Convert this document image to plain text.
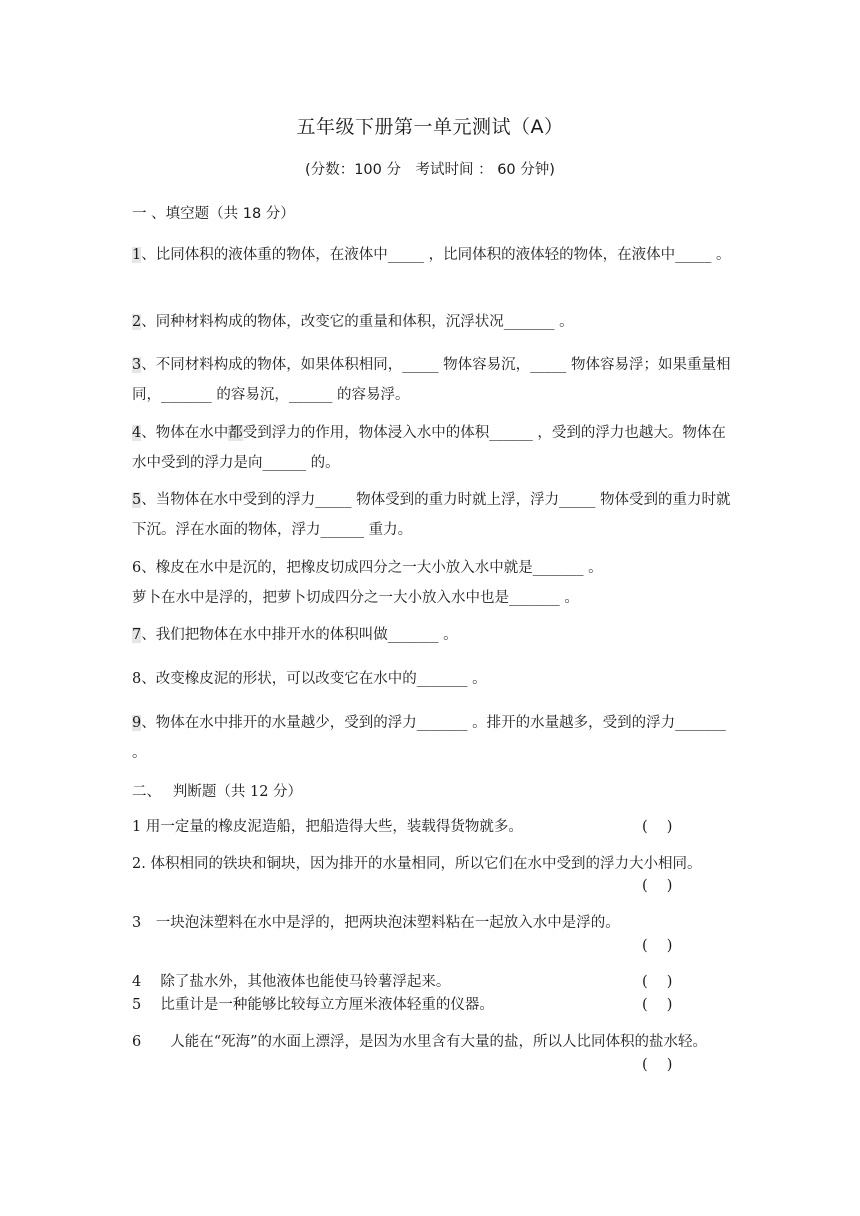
五年级下册第一单元测试（A）
(分数：100 分　考试时间 ： 60 分钟)
一 、填空题（共 18 分）
1、比同体积的液体重的物体，在液体中_____ ，比同体积的液体轻的物体，在液体中_____ 。
2、同种材料构成的物体，改变它的重量和体积，沉浮状况_______ 。
3、不同材料构成的物体，如果体积相同，_____ 物体容易沉，_____ 物体容易浮；如果重量相同，_______ 的容易沉，______ 的容易浮。
4、物体在水中都受到浮力的作用，物体浸入水中的体积______ ，受到的浮力也越大。物体在水中受到的浮力是向______ 的。
5、当物体在水中受到的浮力_____ 物体受到的重力时就上浮，浮力_____ 物体受到的重力时就下沉。浮在水面的物体，浮力______ 重力。
6、橡皮在水中是沉的，把橡皮切成四分之一大小放入水中就是_______ 。
萝卜在水中是浮的，把萝卜切成四分之一大小放入水中也是_______ 。
7、我们把物体在水中排开水的体积叫做_______ 。
8、改变橡皮泥的形状，可以改变它在水中的_______ 。
9、物体在水中排开的水量越少，受到的浮力_______ 。排开的水量越多，受到的浮力_______ 。
二、　 判断题（共 12 分）
1 用一定量的橡皮泥造船，把船造得大些，装载得货物就多。	(　 )
2. 体积相同的铁块和铜块，因为排开的水量相同，所以它们在水中受到的浮力大小相同。
(　 )
3　一块泡沫塑料在水中是浮的，把两块泡沫塑料粘在一起放入水中是浮的。
(　 )
4　 除了盐水外，其他液体也能使马铃薯浮起来。	(　 )
5　 比重计是一种能够比较每立方厘米液体轻重的仪器。	(　 )
6　　人能在“死海”的水面上漂浮，是因为水里含有大量的盐，所以人比同体积的盐水轻。
(　 )
